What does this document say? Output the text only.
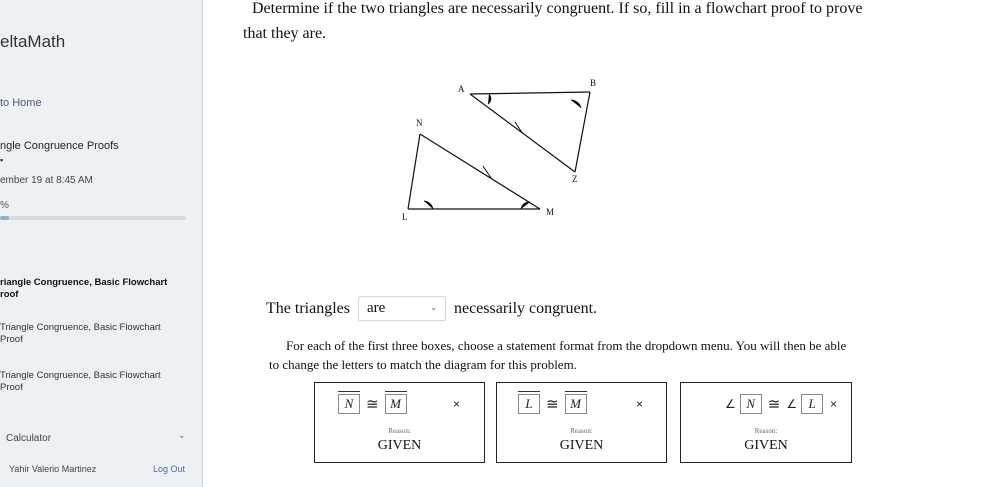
eltaMath
to Home
ngle Congruence Proofs
▪
ember 19 at 8:45 AM
%
riangle Congruence, Basic Flowchart
roof
Triangle Congruence, Basic Flowchart
Proof
Triangle Congruence, Basic Flowchart
Proof
Calculator	⌄
Yahir Valerio Martinez	Log Out
Determine if the two triangles are necessarily congruent. If so, fill in a flowchart proof to prove
that they are.
A
B
N
Z
L	M
The triangles	are	⌄ necessarily congruent.
For each of the first three boxes, choose a statement format from the dropdown menu. You will then be able
to change the letters to match the diagram for this problem.
N ≅ M	×
Reason:
GIVEN
L ≅ M	×
Reason:
GIVEN
∠ N ≅ ∠ L	×
Reason:
GIVEN
